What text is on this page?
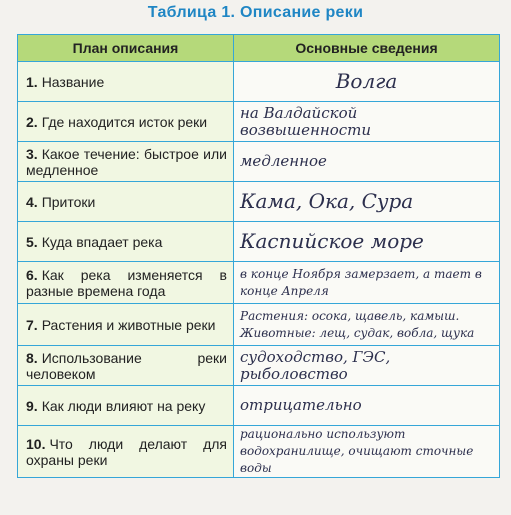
Таблица 1. Описание реки
План описания	Основные сведения
1. Название	Волга
2. Где находится исток реки	на Валдайской возвышенности
3. Какое течение: быстрое или медленное	медленное
4. Притоки	Кама, Ока, Сура
5. Куда впадает река	Каспийское море
6. Как река изменяется в разные времена года	в конце Ноября замерзает, а тает в конце Апреля
7. Растения и животные реки	Растения: осока, щавель, камыш. Животные: лещ, судак, вобла, щука
8. Использование реки человеком	судоходство, ГЭС, рыболовство
9. Как люди влияют на реку	отрицательно
10. Что люди делают для охраны реки	рационально используют водохранилище, очищают сточные воды
